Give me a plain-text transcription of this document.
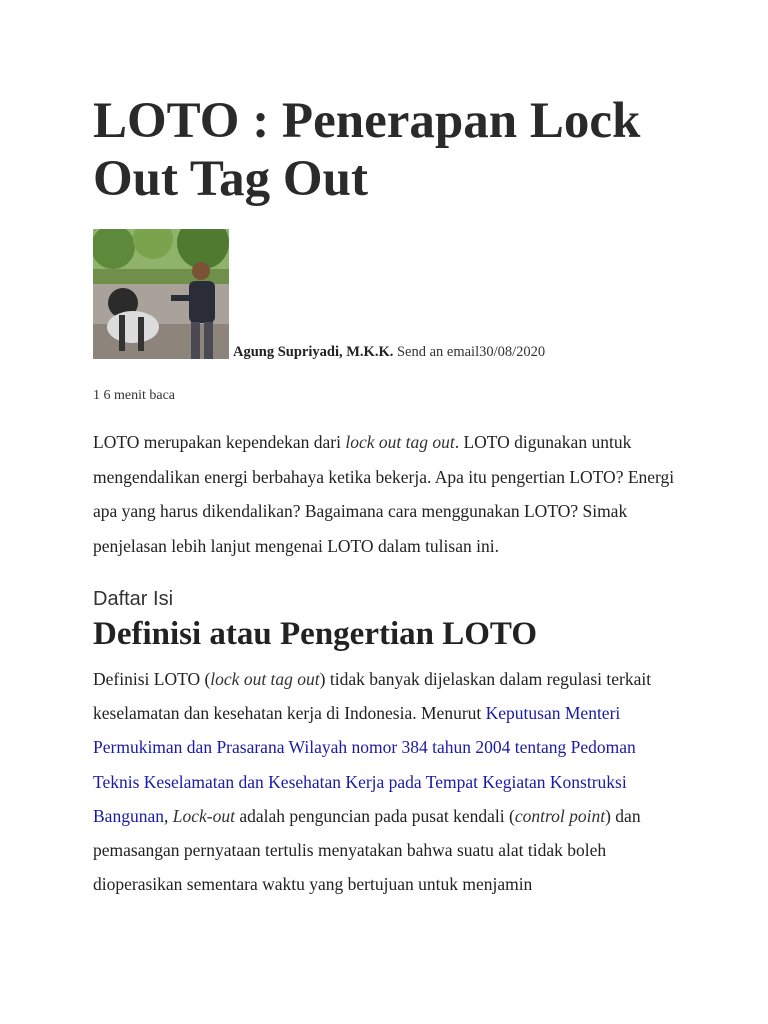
LOTO : Penerapan Lock Out Tag Out
Agung Supriyadi, M.K.K. Send an email30/08/2020
1 6 menit baca

LOTO merupakan kependekan dari lock out tag out. LOTO digunakan untuk mengendalikan energi berbahaya ketika bekerja. Apa itu pengertian LOTO? Energi apa yang harus dikendalikan? Bagaimana cara menggunakan LOTO? Simak penjelasan lebih lanjut mengenai LOTO dalam tulisan ini.

Daftar Isi
Definisi atau Pengertian LOTO

Definisi LOTO (lock out tag out) tidak banyak dijelaskan dalam regulasi terkait keselamatan dan kesehatan kerja di Indonesia. Menurut Keputusan Menteri Permukiman dan Prasarana Wilayah nomor 384 tahun 2004 tentang Pedoman Teknis Keselamatan dan Kesehatan Kerja pada Tempat Kegiatan Konstruksi Bangunan, Lock-out adalah penguncian pada pusat kendali (control point) dan pemasangan pernyataan tertulis menyatakan bahwa suatu alat tidak boleh dioperasikan sementara waktu yang bertujuan untuk menjamin
